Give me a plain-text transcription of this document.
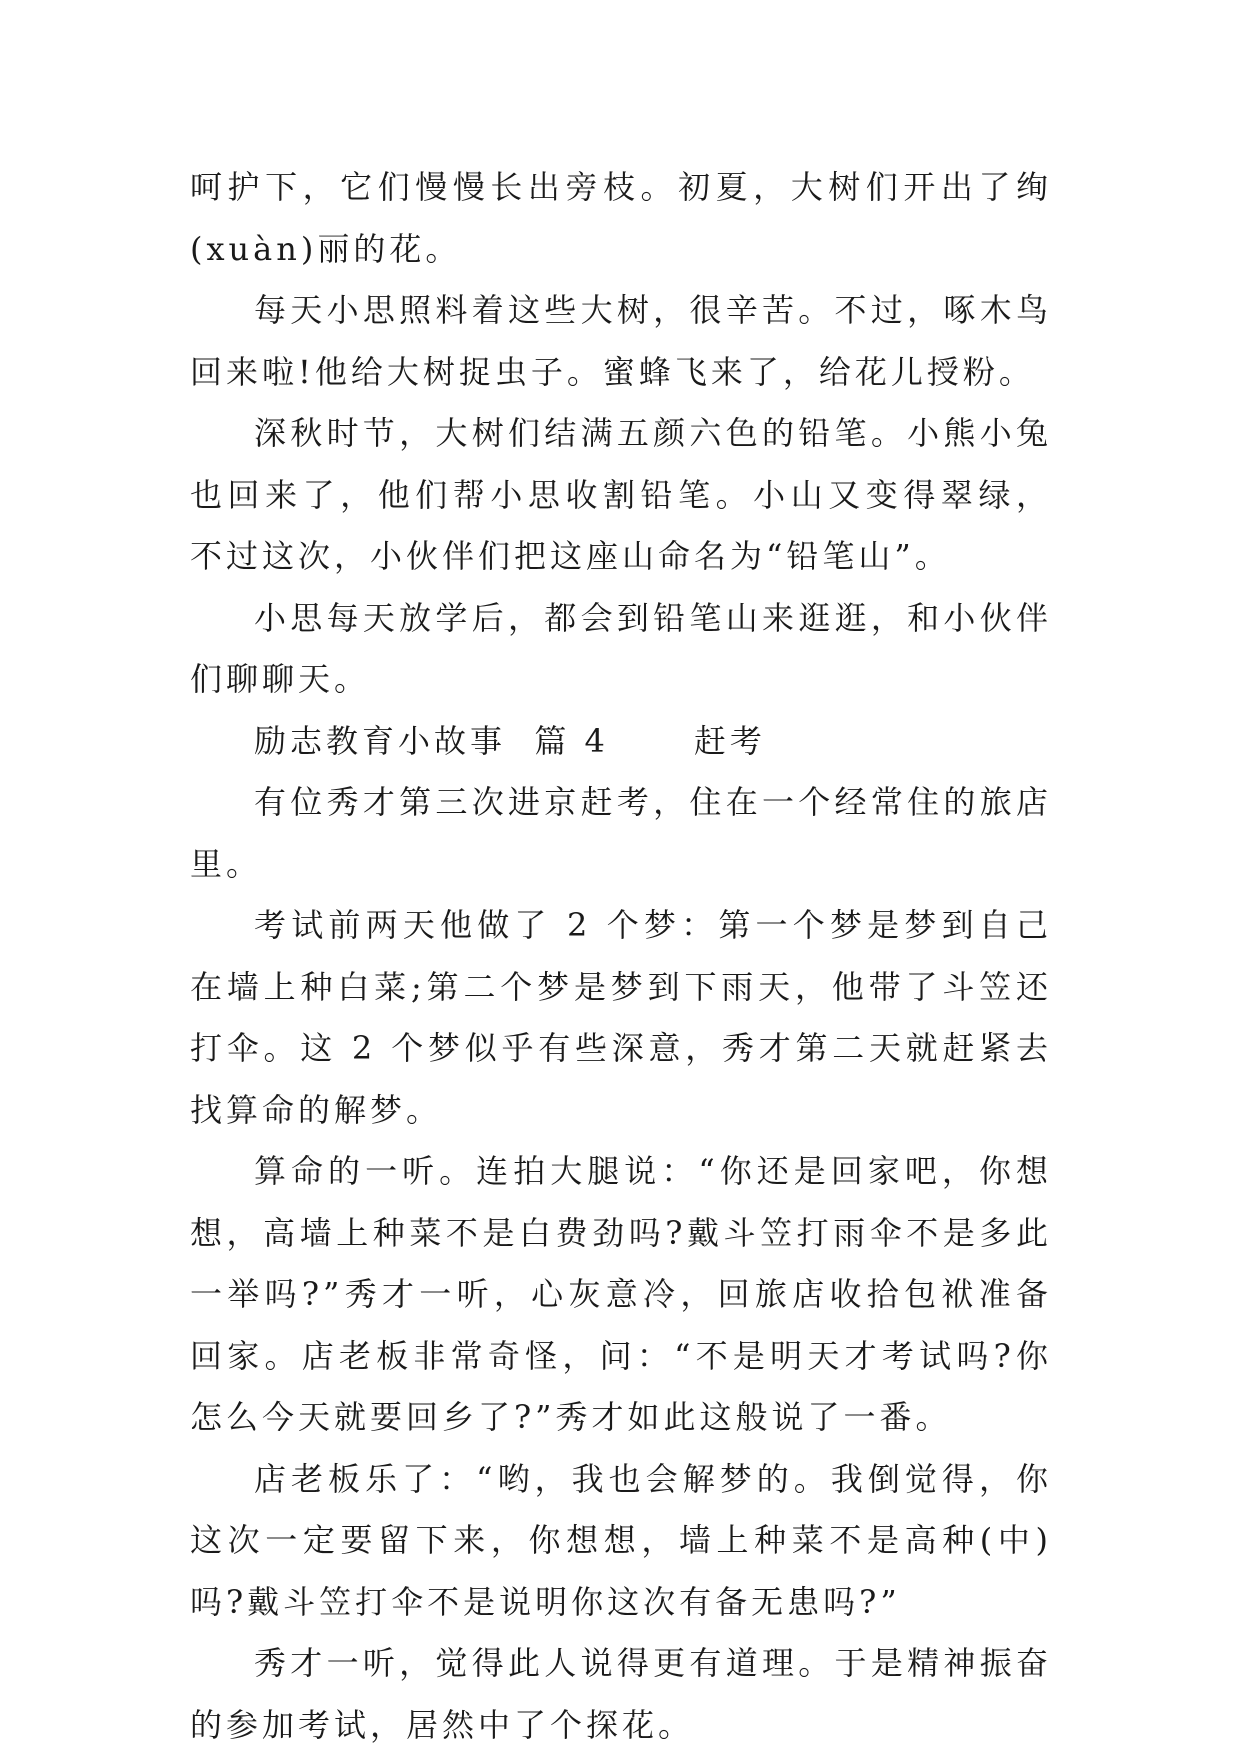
呵护下，它们慢慢长出旁枝。初夏，大树们开出了绚(xuàn)丽的花。

每天小思照料着这些大树，很辛苦。不过，啄木鸟回来啦!他给大树捉虫子。蜜蜂飞来了，给花儿授粉。

深秋时节，大树们结满五颜六色的铅笔。小熊小兔也回来了，他们帮小思收割铅笔。小山又变得翠绿，不过这次，小伙伴们把这座山命名为“铅笔山”。

小思每天放学后，都会到铅笔山来逛逛，和小伙伴们聊聊天。

励志教育小故事  篇 4      赶考

有位秀才第三次进京赶考，住在一个经常住的旅店里。

考试前两天他做了 2 个梦：第一个梦是梦到自己在墙上种白菜;第二个梦是梦到下雨天，他带了斗笠还打伞。这 2 个梦似乎有些深意，秀才第二天就赶紧去找算命的解梦。

算命的一听。连拍大腿说：“你还是回家吧，你想想，高墙上种菜不是白费劲吗?戴斗笠打雨伞不是多此一举吗?”秀才一听，心灰意冷，回旅店收拾包袱准备回家。店老板非常奇怪，问：“不是明天才考试吗?你怎么今天就要回乡了?”秀才如此这般说了一番。

店老板乐了：“哟，我也会解梦的。我倒觉得，你这次一定要留下来，你想想，墙上种菜不是高种(中)吗?戴斗笠打伞不是说明你这次有备无患吗?”

秀才一听，觉得此人说得更有道理。于是精神振奋的参加考试，居然中了个探花。
